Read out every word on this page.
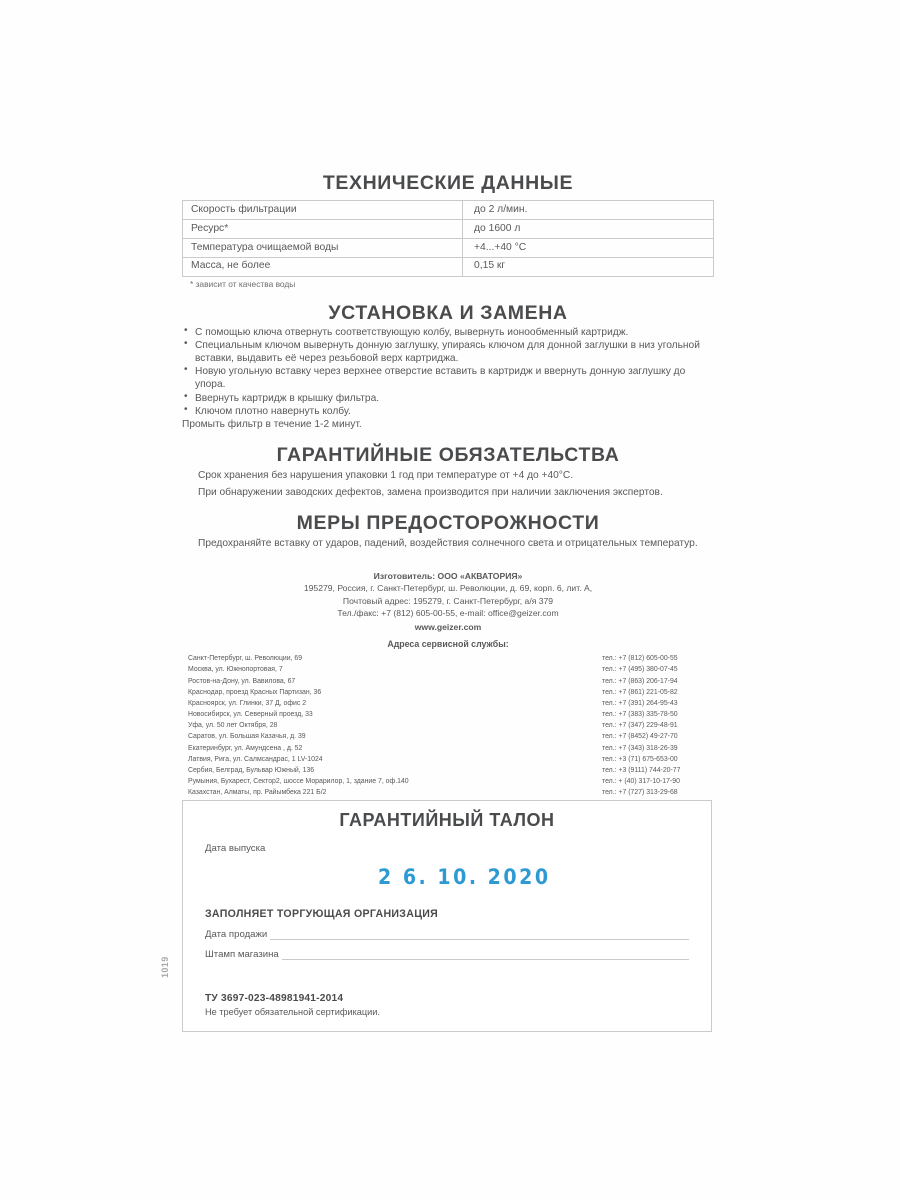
ТЕХНИЧЕСКИЕ ДАННЫЕ
Скорость фильтрации	до 2 л/мин.
Ресурс*	до 1600 л
Температура очищаемой воды	+4...+40 °С
Масса, не более	0,15 кг
* зависит от качества воды
УСТАНОВКА И ЗАМЕНА
• С помощью ключа отвернуть соответствующую колбу, вывернуть ионообменный картридж.
• Специальным ключом вывернуть донную заглушку, упираясь ключом для донной заглушки в низ угольной вставки, выдавить её через резьбовой верх картриджа.
• Новую угольную вставку через верхнее отверстие вставить в картридж и ввернуть донную заглушку до упора.
• Ввернуть картридж в крышку фильтра.
• Ключом плотно навернуть колбу.
Промыть фильтр в течение 1-2 минут.
ГАРАНТИЙНЫЕ ОБЯЗАТЕЛЬСТВА

Срок хранения без нарушения упаковки 1 год при температуре от +4 до +40°С.

При обнаружении заводских дефектов, замена производится при наличии заключения экспертов.

МЕРЫ ПРЕДОСТОРОЖНОСТИ

Предохраняйте вставку от ударов, падений, воздействия солнечного света и отрицательных температур.

Изготовитель: ООО «АКВАТОРИЯ»
195279, Россия, г. Санкт-Петербург, ш. Революции, д. 69, корп. 6, лит. А,
Почтовый адрес: 195279, г. Санкт-Петербург, а/я 379
Тел./факс: +7 (812) 605-00-55, e-mail: office@geizer.com
www.geizer.com
Адреса сервисной службы:
Санкт-Петербург, ш. Революции, 69	тел.: +7 (812) 605-00-55
Москва, ул. Южнопортовая, 7	тел.: +7 (495) 380-07-45
Ростов-на-Дону, ул. Вавилова, 67	тел.: +7 (863) 206-17-94
Краснодар, проезд Красных Партизан, 36	тел.: +7 (861) 221-05-82
Красноярск, ул. Глинки, 37 Д, офис 2	тел.: +7 (391) 264-95-43
Новосибирск, ул. Северный проезд, 33	тел.: +7 (383) 335-78-50
Уфа, ул. 50 лет Октября, 28	тел.: +7 (347) 229-48-91
Саратов, ул. Большая Казачья, д. 39	тел.: +7 (8452) 49-27-70
Екатеринбург, ул. Амундсена , д. 52	тел.: +7 (343) 318-26-39
Латвия, Рига, ул. Салмсандрас, 1 LV-1024	тел.: +3 (71) 675-653-00
Сербия, Белград, Бульвар Южный, 136	тел.: +3 (9111) 744-20-77
Румыния, Бухарест, Сектор2, шоссе Морарилор, 1, здание 7, оф.140	тел.: + (40) 317-10-17-90
Казахстан, Алматы, пр. Райымбека 221 Б/2	тел.: +7 (727) 313-29-68
ГАРАНТИЙНЫЙ ТАЛОН
Дата выпуска
2 6. 10. 2020
ЗАПОЛНЯЕТ ТОРГУЮЩАЯ ОРГАНИЗАЦИЯ
Дата продажи
Штамп магазина
ТУ 3697-023-48981941-2014
Не требует обязательной сертификации.
1019
